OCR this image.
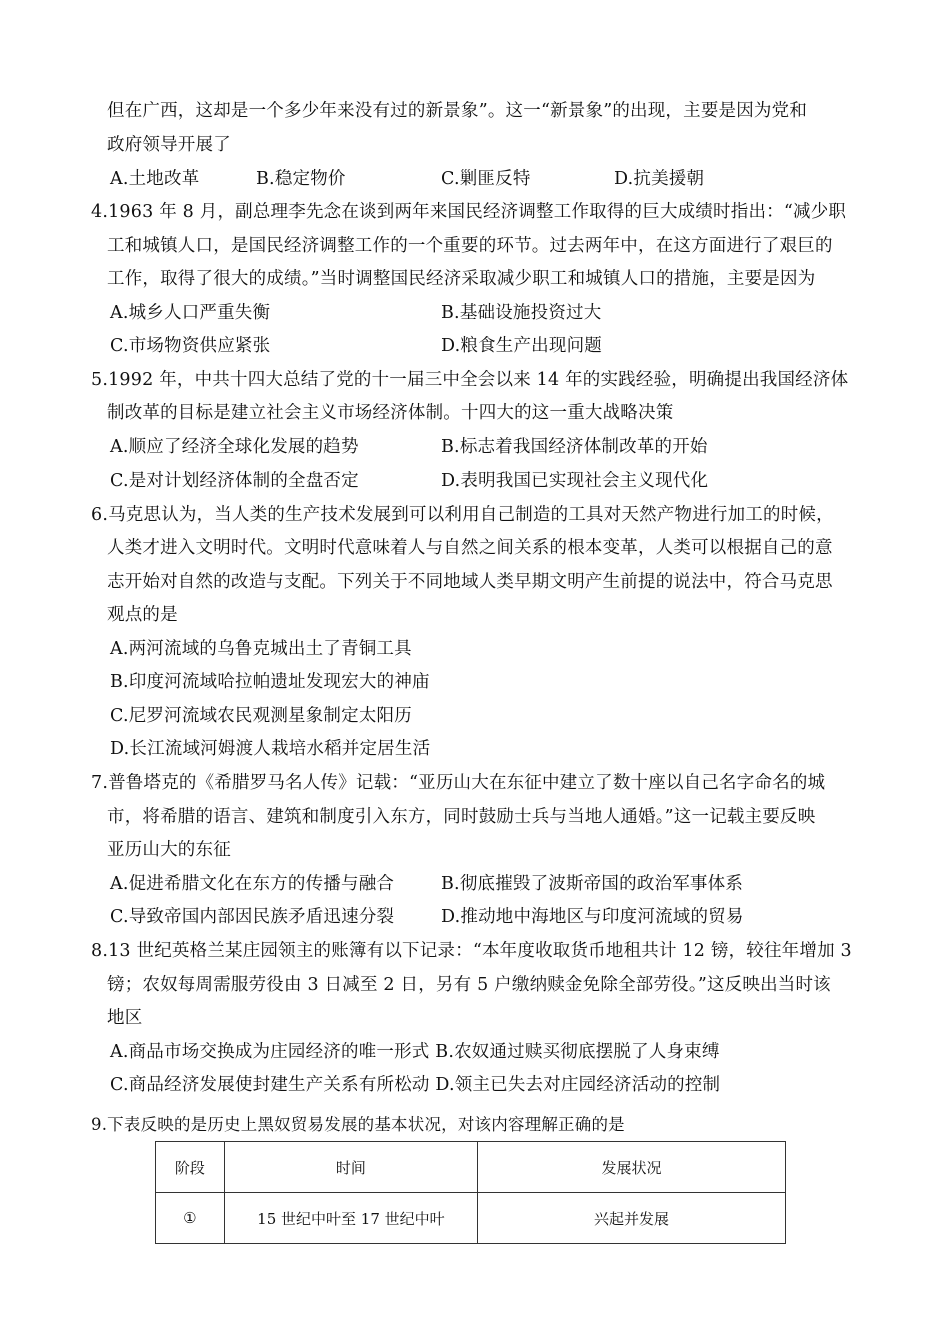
但在广西，这却是一个多少年来没有过的新景象”。这一“新景象”的出现，主要是因为党和
政府领导开展了
A.土地改革	B.稳定物价	C.剿匪反特	D.抗美援朝
4.1963 年 8 月，副总理李先念在谈到两年来国民经济调整工作取得的巨大成绩时指出：“减少职
工和城镇人口，是国民经济调整工作的一个重要的环节。过去两年中，在这方面进行了艰巨的
工作，取得了很大的成绩。”当时调整国民经济采取减少职工和城镇人口的措施，主要是因为
A.城乡人口严重失衡	B.基础设施投资过大
C.市场物资供应紧张	D.粮食生产出现问题
5.1992 年，中共十四大总结了党的十一届三中全会以来 14 年的实践经验，明确提出我国经济体
制改革的目标是建立社会主义市场经济体制。十四大的这一重大战略决策
A.顺应了经济全球化发展的趋势	B.标志着我国经济体制改革的开始
C.是对计划经济体制的全盘否定	D.表明我国已实现社会主义现代化
6.马克思认为，当人类的生产技术发展到可以利用自己制造的工具对天然产物进行加工的时候，
人类才进入文明时代。文明时代意味着人与自然之间关系的根本变革，人类可以根据自己的意
志开始对自然的改造与支配。下列关于不同地域人类早期文明产生前提的说法中，符合马克思
观点的是
A.两河流域的乌鲁克城出土了青铜工具
B.印度河流域哈拉帕遗址发现宏大的神庙
C.尼罗河流域农民观测星象制定太阳历
D.长江流域河姆渡人栽培水稻并定居生活
7.普鲁塔克的《希腊罗马名人传》记载：“亚历山大在东征中建立了数十座以自己名字命名的城
市，将希腊的语言、建筑和制度引入东方，同时鼓励士兵与当地人通婚。”这一记载主要反映
亚历山大的东征
A.促进希腊文化在东方的传播与融合	B.彻底摧毁了波斯帝国的政治军事体系
C.导致帝国内部因民族矛盾迅速分裂	D.推动地中海地区与印度河流域的贸易
8.13 世纪英格兰某庄园领主的账簿有以下记录：“本年度收取货币地租共计 12 镑，较往年增加 3
镑；农奴每周需服劳役由 3 日减至 2 日，另有 5 户缴纳赎金免除全部劳役。”这反映出当时该
地区
A.商品市场交换成为庄园经济的唯一形式 B.农奴通过赎买彻底摆脱了人身束缚
C.商品经济发展使封建生产关系有所松动 D.领主已失去对庄园经济活动的控制
9.下表反映的是历史上黑奴贸易发展的基本状况，对该内容理解正确的是
阶段	时间	发展状况
①	15 世纪中叶至 17 世纪中叶	兴起并发展
